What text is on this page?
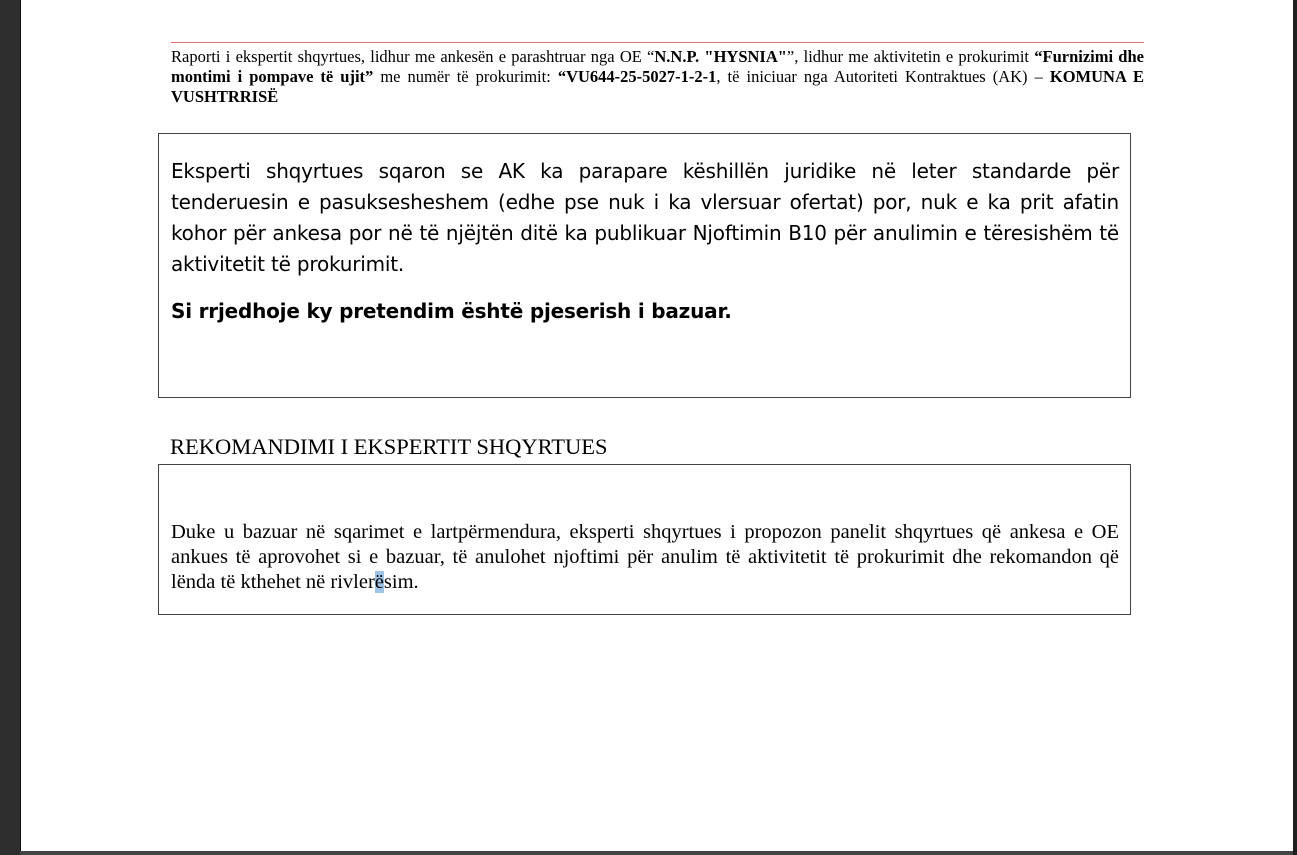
Raporti i ekspertit shqyrtues, lidhur me ankesën e parashtruar nga OE “N.N.P. "HYSNIA"”, lidhur me aktivitetin e prokurimit “Furnizimi dhe montimi i pompave të ujit” me numër të prokurimit: “VU644-25-5027-1-2-1, të iniciuar nga Autoriteti Kontraktues (AK) – KOMUNA E VUSHTRRISË

Eksperti shqyrtues sqaron se AK ka parapare këshillën juridike në leter standarde për tenderuesin e pasuksesheshem (edhe pse nuk i ka vlersuar ofertat) por, nuk e ka prit afatin kohor për ankesa por në të njëjtën ditë ka publikuar Njoftimin B10 për anulimin e tëresishëm të aktivitetit të prokurimit.

Si rrjedhoje ky pretendim është pjeserish i bazuar.

REKOMANDIMI I EKSPERTIT SHQYRTUES

Duke u bazuar në sqarimet e lartpërmendura, eksperti shqyrtues i propozon panelit shqyrtues që ankesa e OE ankues të aprovohet si e bazuar, të anulohet njoftimi për anulim të aktivitetit të prokurimit dhe rekomandon që lënda të kthehet në rivlerësim.
